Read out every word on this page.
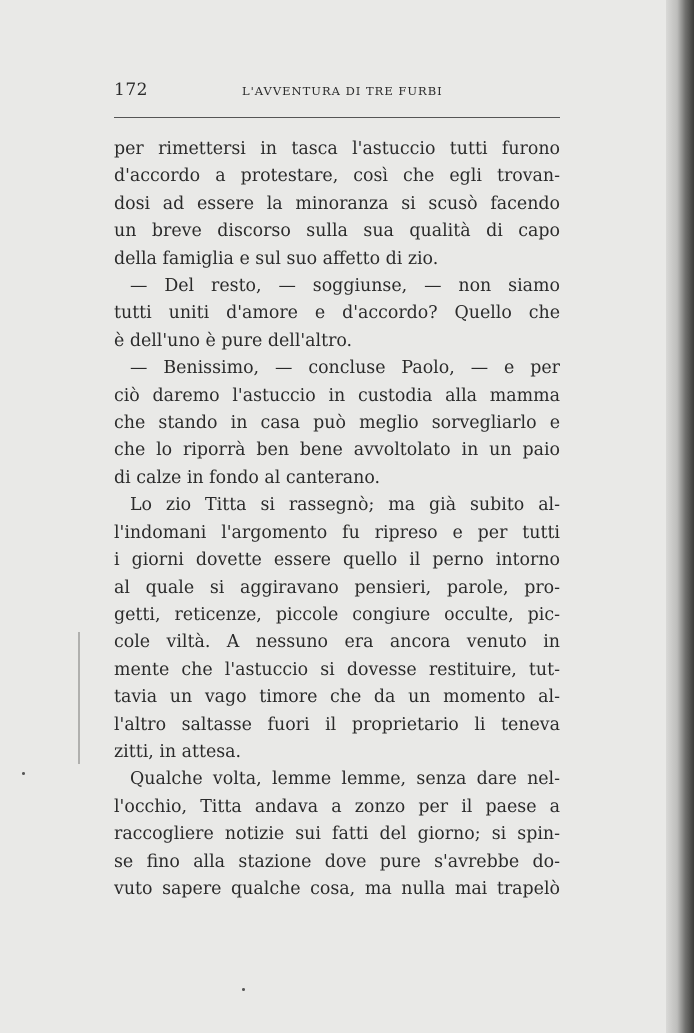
172	L'AVVENTURA DI TRE FURBI
per rimettersi in tasca l'astuccio tutti furono
d'accordo a protestare, così che egli trovan-
dosi ad essere la minoranza si scusò facendo
un breve discorso sulla sua qualità di capo
della famiglia e sul suo affetto di zio.
— Del resto, — soggiunse, — non siamo
tutti uniti d'amore e d'accordo? Quello che
è dell'uno è pure dell'altro.
— Benissimo, — concluse Paolo, — e per
ciò daremo l'astuccio in custodia alla mamma
che stando in casa può meglio sorvegliarlo e
che lo riporrà ben bene avvoltolato in un paio
di calze in fondo al canterano.
Lo zio Titta si rassegnò; ma già subito al-
l'indomani l'argomento fu ripreso e per tutti
i giorni dovette essere quello il perno intorno
al quale si aggiravano pensieri, parole, pro-
getti, reticenze, piccole congiure occulte, pic-
cole viltà. A nessuno era ancora venuto in
mente che l'astuccio si dovesse restituire, tut-
tavia un vago timore che da un momento al-
l'altro saltasse fuori il proprietario li teneva
zitti, in attesa.
Qualche volta, lemme lemme, senza dare nel-
l'occhio, Titta andava a zonzo per il paese a
raccogliere notizie sui fatti del giorno; si spin-
se fino alla stazione dove pure s'avrebbe do-
vuto sapere qualche cosa, ma nulla mai trapelò
